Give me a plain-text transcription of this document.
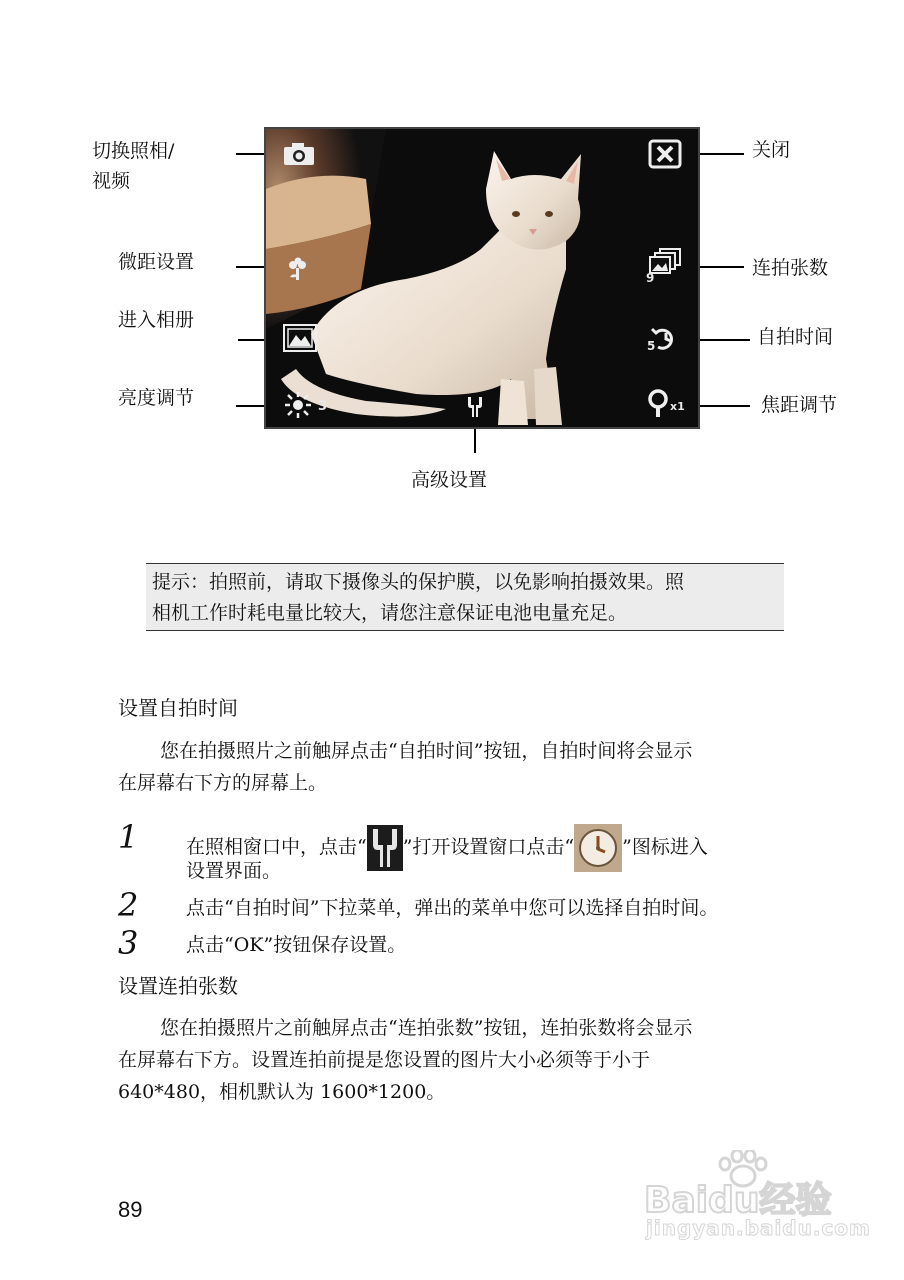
切换照相/
视频
微距设置
进入相册
亮度调节
关闭
连拍张数
自拍时间
焦距调节
高级设置
9
5
3	x1
提示：拍照前，请取下摄像头的保护膜，以免影响拍摄效果。照
相机工作时耗电量比较大，请您注意保证电池电量充足。
设置自拍时间
您在拍摄照片之前触屏点击“自拍时间”按钮，自拍时间将会显示
在屏幕右下方的屏幕上。
1	在照相窗口中，点击“ ”打开设置窗口点击“	”图标进入
设置界面。
2	点击“自拍时间”下拉菜单，弹出的菜单中您可以选择自拍时间。
3	点击“OK”按钮保存设置。
设置连拍张数
您在拍摄照片之前触屏点击“连拍张数”按钮，连拍张数将会显示
在屏幕右下方。设置连拍前提是您设置的图片大小必须等于小于
640*480，相机默认为 1600*1200。
89	Baidu经验
jingyan.baidu.com
